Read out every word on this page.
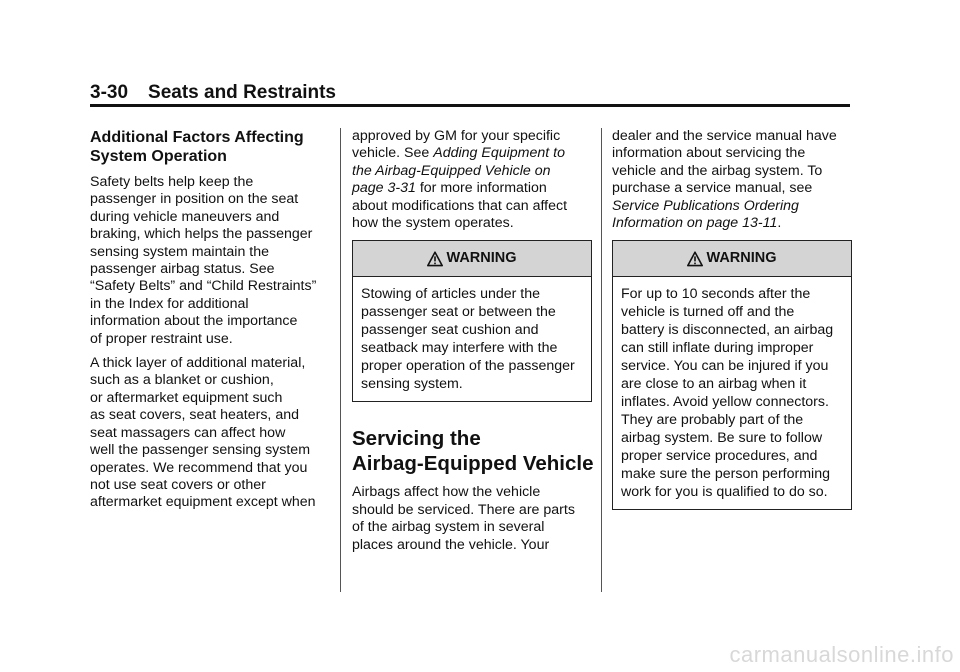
3-30 Seats and Restraints
Additional Factors Affecting
System Operation

Safety belts help keep the
passenger in position on the seat
during vehicle maneuvers and
braking, which helps the passenger
sensing system maintain the
passenger airbag status. See
“Safety Belts” and “Child Restraints”
in the Index for additional
information about the importance
of proper restraint use.

A thick layer of additional material,
such as a blanket or cushion,
or aftermarket equipment such
as seat covers, seat heaters, and
seat massagers can affect how
well the passenger sensing system
operates. We recommend that you
not use seat covers or other
aftermarket equipment except when

approved by GM for your specific
vehicle. See Adding Equipment to
the Airbag-Equipped Vehicle on
page 3-31 for more information
about modifications that can affect
how the system operates.

WARNING
Stowing of articles under the
passenger seat or between the
passenger seat cushion and
seatback may interfere with the
proper operation of the passenger
sensing system.
Servicing the
Airbag-Equipped Vehicle

Airbags affect how the vehicle
should be serviced. There are parts
of the airbag system in several
places around the vehicle. Your

dealer and the service manual have
information about servicing the
vehicle and the airbag system. To
purchase a service manual, see
Service Publications Ordering
Information on page 13-11.

WARNING
For up to 10 seconds after the
vehicle is turned off and the
battery is disconnected, an airbag
can still inflate during improper
service. You can be injured if you
are close to an airbag when it
inflates. Avoid yellow connectors.
They are probably part of the
airbag system. Be sure to follow
proper service procedures, and
make sure the person performing
work for you is qualified to do so.
carmanualsonline.info
